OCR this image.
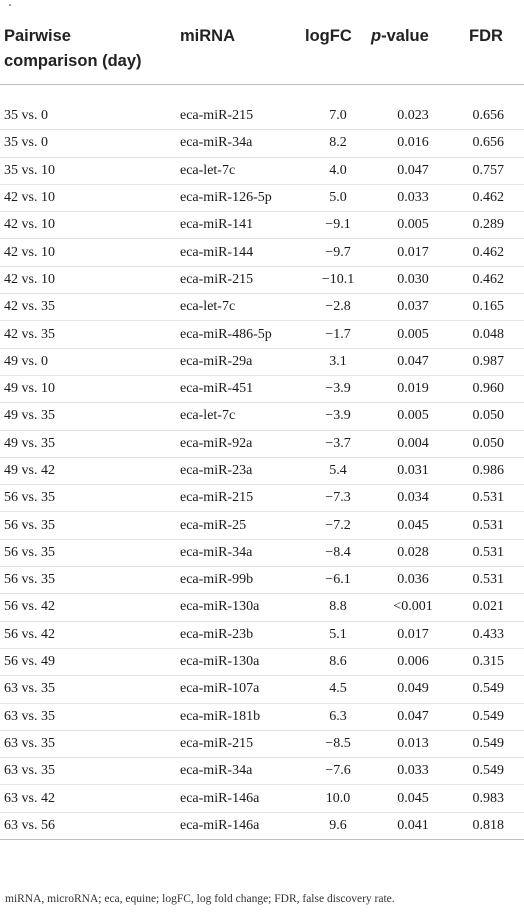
Pairwise
comparison (day)	miRNA	logFC	p-value	FDR

35 vs. 0	eca-miR-215	7.0	0.023	0.656
35 vs. 0	eca-miR-34a	8.2	0.016	0.656
35 vs. 10	eca-let-7c	4.0	0.047	0.757
42 vs. 10	eca-miR-126-5p	5.0	0.033	0.462
42 vs. 10	eca-miR-141	−9.1	0.005	0.289
42 vs. 10	eca-miR-144	−9.7	0.017	0.462
42 vs. 10	eca-miR-215	−10.1	0.030	0.462
42 vs. 35	eca-let-7c	−2.8	0.037	0.165
42 vs. 35	eca-miR-486-5p	−1.7	0.005	0.048
49 vs. 0	eca-miR-29a	3.1	0.047	0.987
49 vs. 10	eca-miR-451	−3.9	0.019	0.960
49 vs. 35	eca-let-7c	−3.9	0.005	0.050
49 vs. 35	eca-miR-92a	−3.7	0.004	0.050
49 vs. 42	eca-miR-23a	5.4	0.031	0.986
56 vs. 35	eca-miR-215	−7.3	0.034	0.531
56 vs. 35	eca-miR-25	−7.2	0.045	0.531
56 vs. 35	eca-miR-34a	−8.4	0.028	0.531
56 vs. 35	eca-miR-99b	−6.1	0.036	0.531
56 vs. 42	eca-miR-130a	8.8	<0.001	0.021
56 vs. 42	eca-miR-23b	5.1	0.017	0.433
56 vs. 49	eca-miR-130a	8.6	0.006	0.315
63 vs. 35	eca-miR-107a	4.5	0.049	0.549
63 vs. 35	eca-miR-181b	6.3	0.047	0.549
63 vs. 35	eca-miR-215	−8.5	0.013	0.549
63 vs. 35	eca-miR-34a	−7.6	0.033	0.549
63 vs. 42	eca-miR-146a	10.0	0.045	0.983
63 vs. 56	eca-miR-146a	9.6	0.041	0.818
miRNA, microRNA; eca, equine; logFC, log fold change; FDR, false discovery rate.
